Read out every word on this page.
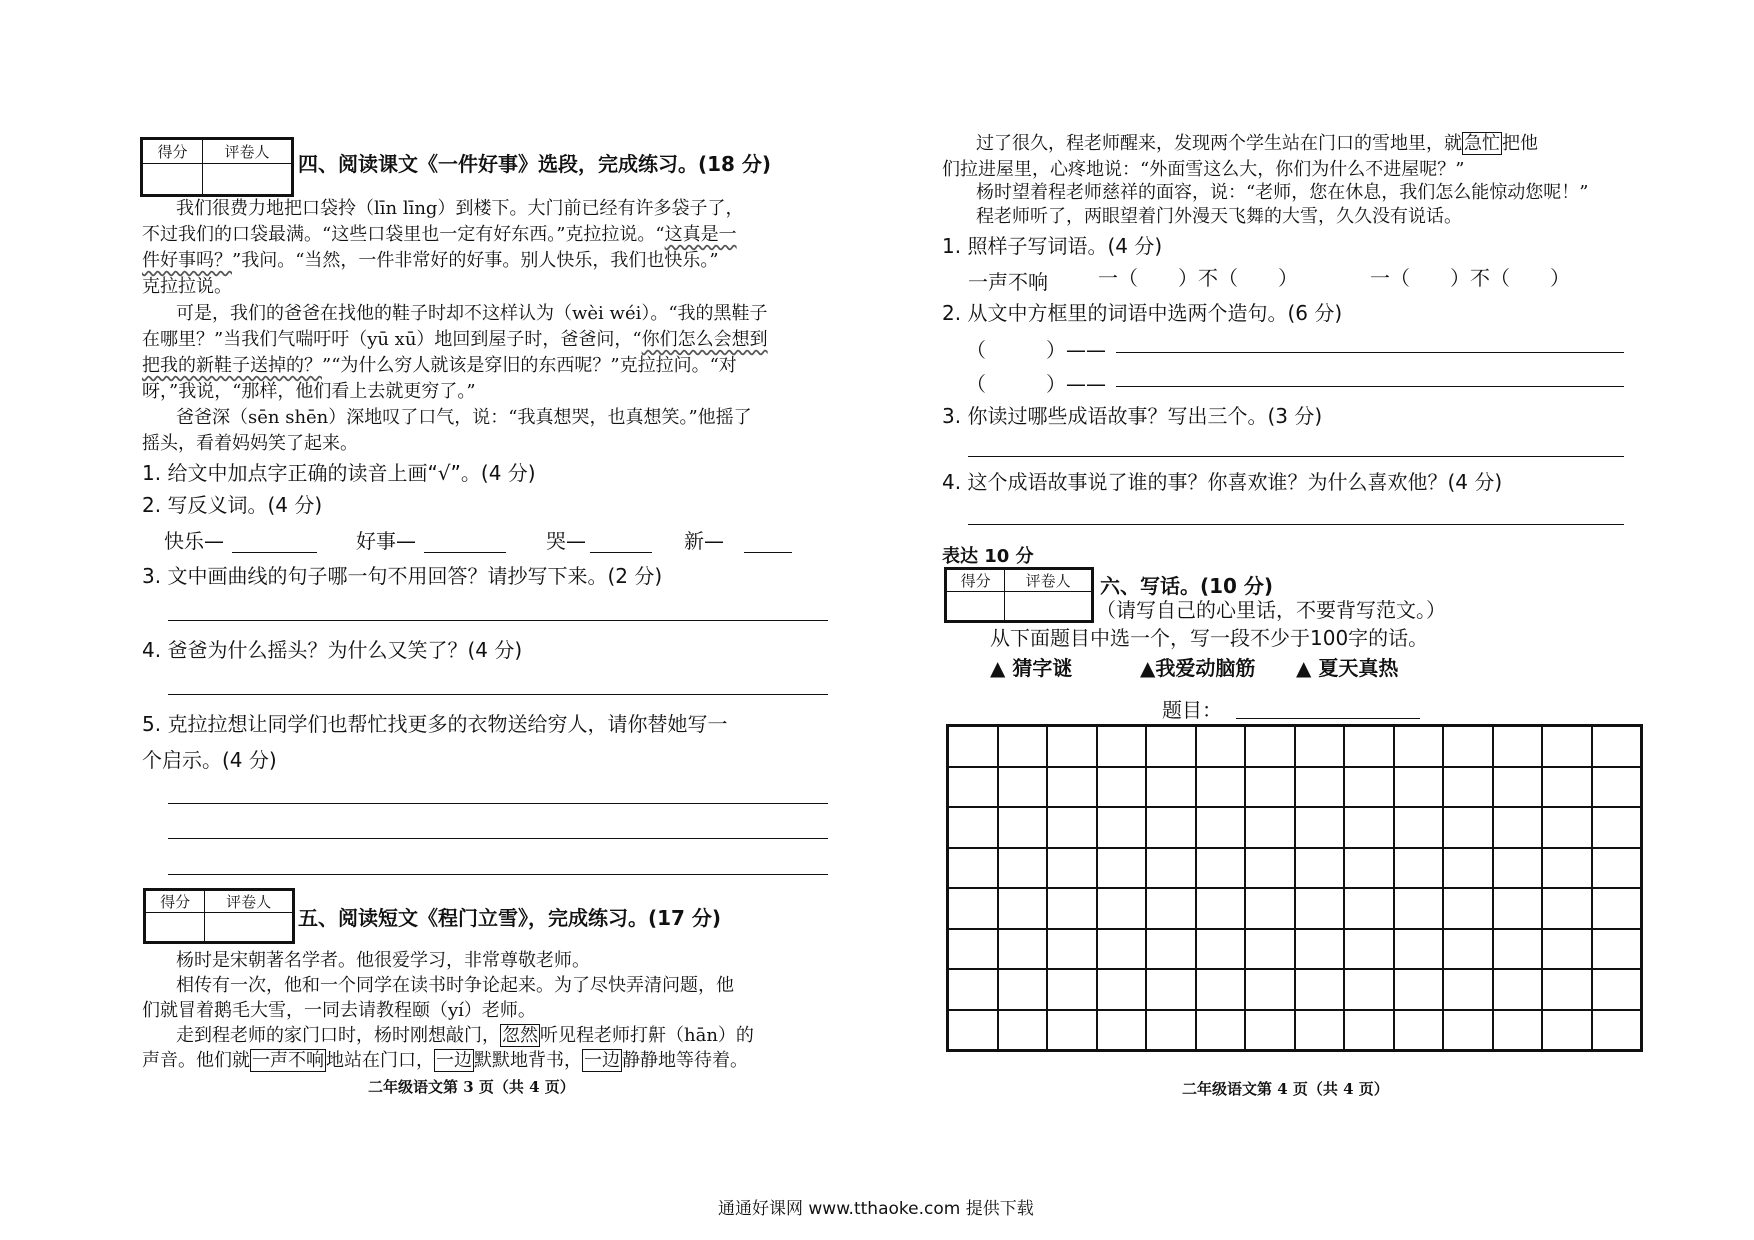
得分	评卷人
	四、阅读课文《一件好事》选段，完成练习。(18 分)
我们很费力地把口袋拎（līn līng）到楼下。大门前已经有许多袋子了，
不过我们的口袋最满。“这些口袋里也一定有好东西。”克拉拉说。“这真是一
件好事吗？”我问。“当然，一件非常好的好事。别人快乐，我们也快乐。”
克拉拉说。
可是，我们的爸爸在找他的鞋子时却不这样认为（wèi wéi）。“我的黑鞋子
在哪里？”当我们气喘吁吁（yū xū）地回到屋子时，爸爸问，“你们怎么会想到
把我的新鞋子送掉的？”“为什么穷人就该是穿旧的东西呢？”克拉拉问。“对
呀，”我说，“那样，他们看上去就更穷了。”
爸爸深（sēn shēn）深地叹了口气，说：“我真想哭，也真想笑。”他摇了
摇头，看着妈妈笑了起来。
1. 给文中加点字正确的读音上画“√”。(4 分)
2. 写反义词。(4 分)
快乐—	好事—	哭—	新—
3. 文中画曲线的句子哪一句不用回答？请抄写下来。(2 分)
4. 爸爸为什么摇头？为什么又笑了？(4 分)
5. 克拉拉想让同学们也帮忙找更多的衣物送给穷人，请你替她写一
个启示。(4 分)
得分	评卷人

五、阅读短文《程门立雪》，完成练习。(17 分)
杨时是宋朝著名学者。他很爱学习，非常尊敬老师。
相传有一次，他和一个同学在读书时争论起来。为了尽快弄清问题，他
们就冒着鹅毛大雪，一同去请教程颐（yí）老师。
走到程老师的家门口时，杨时刚想敲门， 忽然 听见程老师打鼾（hān）的
声音。他们就 一声不响 地站在门口， 一边 默默地背书， 一边 静静地等待着。
二年级语文第 3 页（共 4 页）
过了很久，程老师醒来，发现两个学生站在门口的雪地里，就 急忙 把他
们拉进屋里，心疼地说：“外面雪这么大，你们为什么不进屋呢？”
杨时望着程老师慈祥的面容，说：“老师，您在休息，我们怎么能惊动您呢！”
程老师听了，两眼望着门外漫天飞舞的大雪，久久没有说话。
1. 照样子写词语。(4 分)
一声不响	一（　　）不（　　）	一（　　）不（　　）
2. 从文中方框里的词语中选两个造句。(6 分)
（　　　）——
（　　　）——
3. 你读过哪些成语故事？写出三个。(3 分)
4. 这个成语故事说了谁的事？你喜欢谁？为什么喜欢他？(4 分)
表达 10 分
得分	评卷人
	六、写话。(10 分)
（请写自己的心里话，不要背写范文。）
从下面题目中选一个，写一段不少于100字的话。
▲ 猜字谜	▲我爱动脑筋 ▲ 夏天真热
题目：
二年级语文第 4 页（共 4 页）
通通好课网 www.tthaoke.com 提供下载
